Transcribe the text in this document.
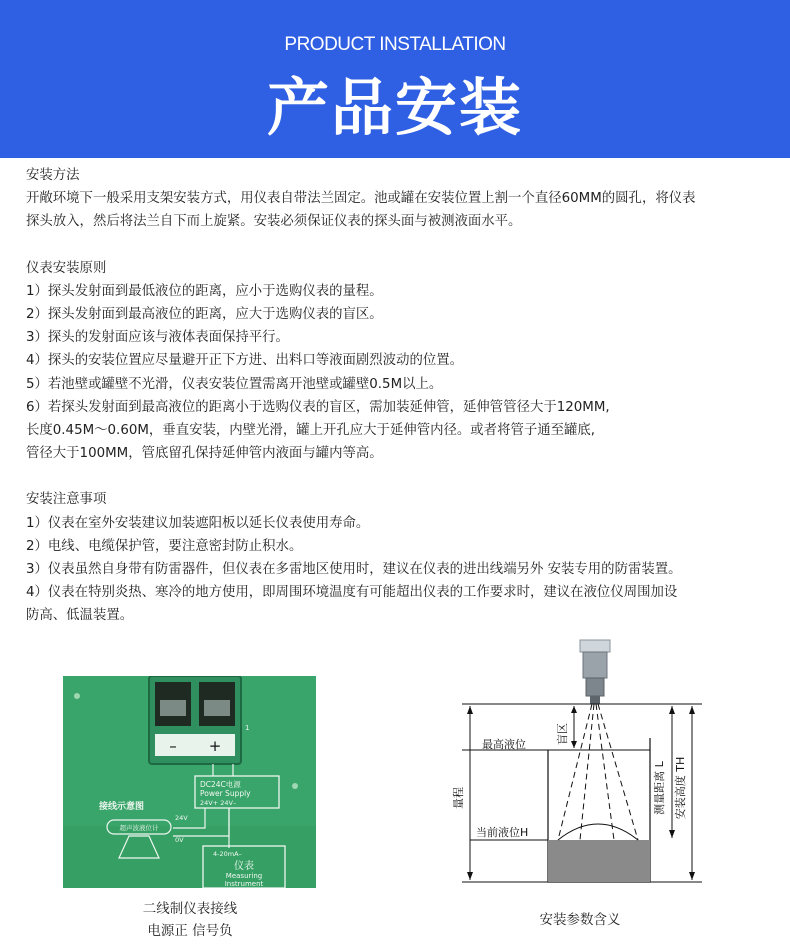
PRODUCT INSTALLATION
产品安装

安装方法

开敞环境下一般采用支架安装方式，用仪表自带法兰固定。池或罐在安装位置上割一个直径60MM的圆孔，将仪表

探头放入，然后将法兰自下而上旋紧。安装必须保证仪表的探头面与被测液面水平。

仪表安装原则

1）探头发射面到最低液位的距离，应小于选购仪表的量程。

2）探头发射面到最高液位的距离，应大于选购仪表的盲区。

3）探头的发射面应该与液体表面保持平行。

4）探头的安装位置应尽量避开正下方进、出料口等液面剧烈波动的位置。

5）若池壁或罐壁不光滑，仪表安装位置需离开池壁或罐壁0.5M以上。

6）若探头发射面到最高液位的距离小于选购仪表的盲区，需加装延伸管，延伸管管径大于120MM,

长度0.45M～0.60M，垂直安装，内壁光滑，罐上开孔应大于延伸管内径。或者将管子通至罐底,

管径大于100MM，管底留孔保持延伸管内液面与罐内等高。

安装注意事项

1）仪表在室外安装建议加装遮阳板以延长仪表使用寿命。

2）电线、电缆保护管，要注意密封防止积水。

3）仪表虽然自身带有防雷器件，但仪表在多雷地区使用时，建议在仪表的进出线端另外 安装专用的防雷装置。

4）仪表在特别炎热、寒冷的地方使用，即周围环境温度有可能超出仪表的工作要求时，建议在液位仪周围加设

防高、低温装置。

– +
1
DC24C电源
Power Supply
24V+ 24V–
接线示意图
24V
0V
超声波液位计
4-20mA–
仪表
Measuring
Instrument
二线制仪表接线
电源正 信号负
盲区
最高液位
量程
当前液位H
测量距离 L 安装高度 TH
安装参数含义
